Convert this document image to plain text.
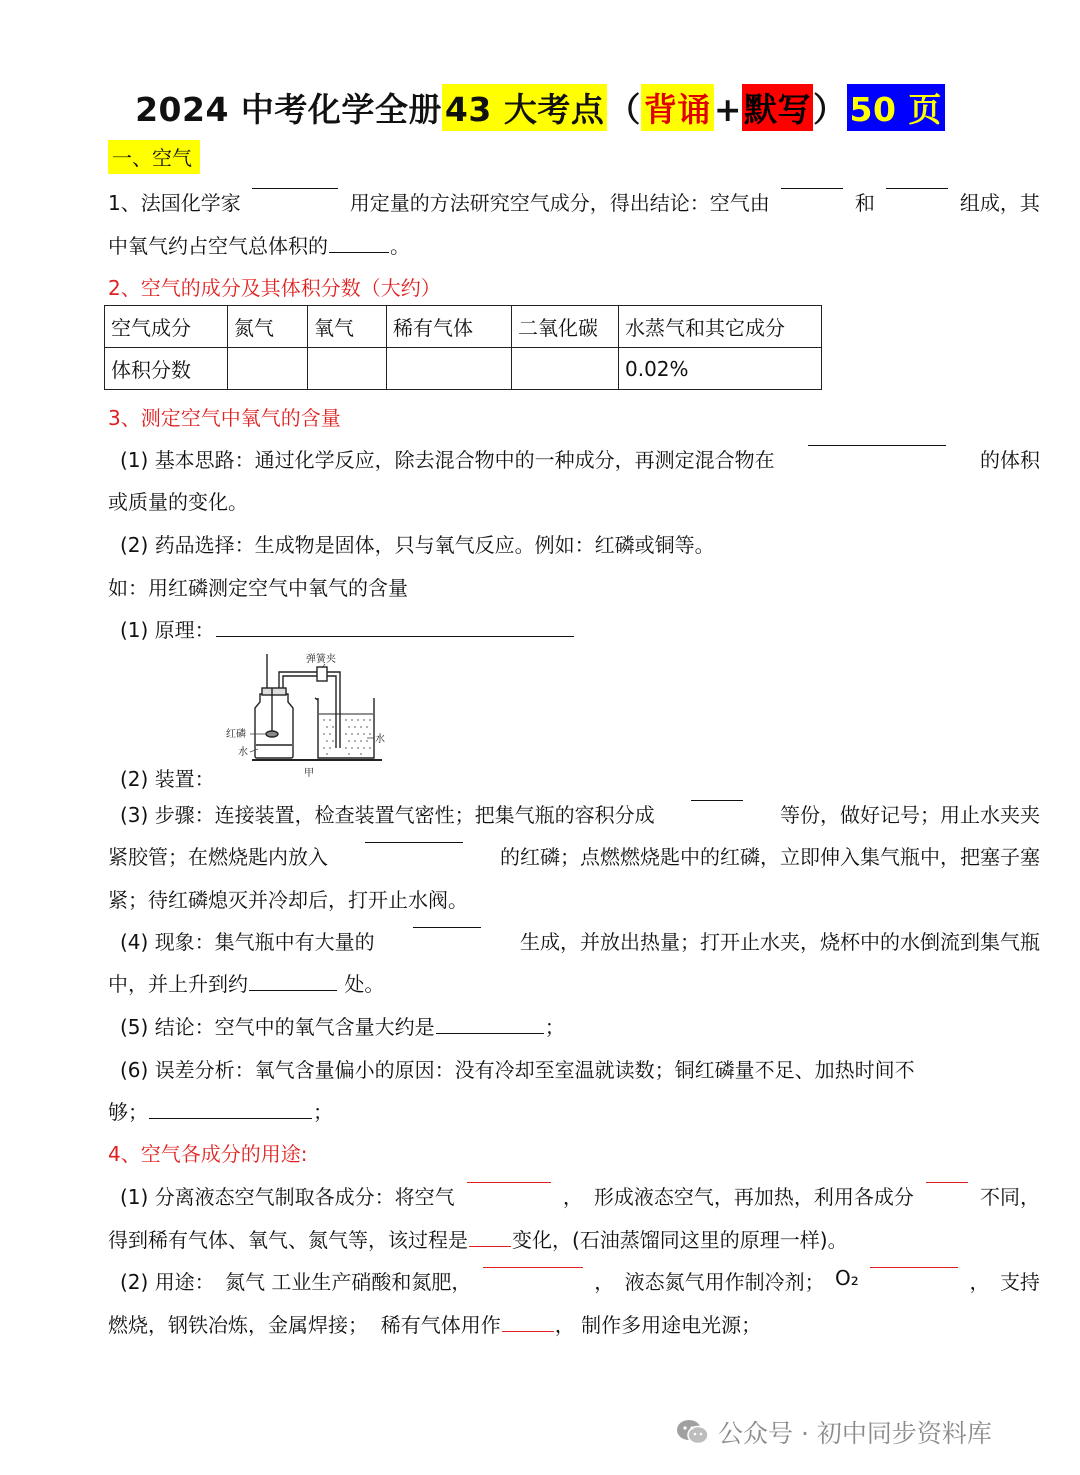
2024 中考化学全册43 大考点（背诵+默写）50 页
一、空气
1、法国化学家	用定量的方法研究空气成分，得出结论：空气由	和	组成，其
中氧气约占空气总体积的	。
2、空气的成分及其体积分数（大约）
空气成分	氮气	氧气	稀有气体	二氧化碳	水蒸气和其它成分
体积分数					0.02%
3、测定空气中氧气的含量
(1) 基本思路：通过化学反应，除去混合物中的一种成分，再测定混合物在	的体积
或质量的变化。
(2) 药品选择：生成物是固体，只与氧气反应。例如：红磷或铜等。
如：用红磷测定空气中氧气的含量
(1) 原理：
弹簧夹
红磷
水
水
甲
(2) 装置：
(3) 步骤：连接装置，检查装置气密性；把集气瓶的容积分成	等份，做好记号；用止水夹夹
紧胶管；在燃烧匙内放入	的红磷；点燃燃烧匙中的红磷，立即伸入集气瓶中，把塞子塞
紧；待红磷熄灭并冷却后，打开止水阀。
(4) 现象：集气瓶中有大量的	生成，并放出热量；打开止水夹，烧杯中的水倒流到集气瓶
中，并上升到约	处。
(5) 结论：空气中的氧气含量大约是	；
(6) 误差分析：氧气含量偏小的原因：没有冷却至室温就读数；铜红磷量不足、加热时间不
够；	；
4、空气各成分的用途:
(1) 分离液态空气制取各成分：将空气	， 形成液态空气，再加热，利用各成分	不同，
得到稀有气体、氧气、氮气等，该过程是 变化，(石油蒸馏同这里的原理一样)。
(2) 用途： 氮气 工业生产硝酸和氮肥，	， 液态氮气用作制冷剂； O₂	， 支持
燃烧，钢铁冶炼，金属焊接； 稀有气体用作	， 制作多用途电光源；
公众号 · 初中同步资料库
